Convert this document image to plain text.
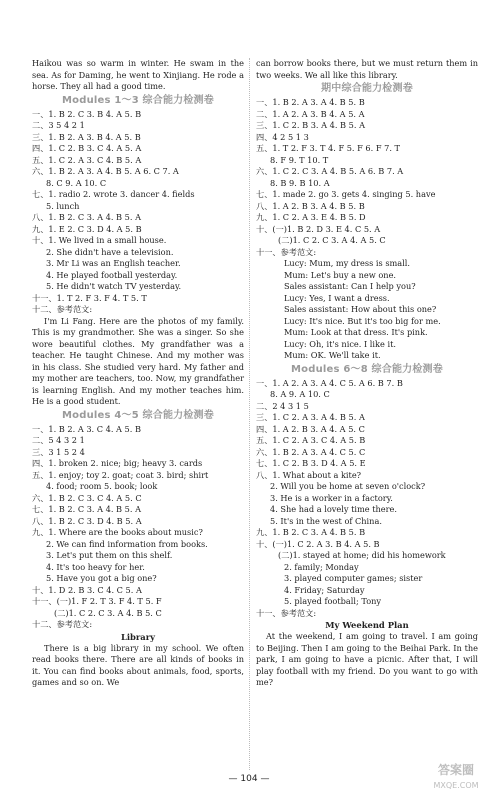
Haikou was so warm in winter. He swam in the sea. As for Daming, he went to Xinjiang. He rode a horse. They all had a good time.

Modules 1～3 综合能力检测卷
一、1. B 2. C 3. B 4. A 5. B
二、3 5 4 2 1
三、1. B 2. A 3. B 4. A 5. B
四、1. C 2. B 3. C 4. A 5. A
五、1. C 2. A 3. C 4. B 5. A
六、1. B 2. A 3. A 4. B 5. A 6. C 7. A
8. C 9. A 10. C
七、1. radio 2. wrote 3. dancer 4. fields
5. lunch
八、1. B 2. C 3. A 4. B 5. A
九、1. E 2. C 3. D 4. A 5. B
十、1. We lived in a small house.
2. She didn't have a television.
3. Mr Li was an English teacher.
4. He played football yesterday.
5. He didn't watch TV yesterday.
十一、1. T 2. F 3. F 4. T 5. T
十二、参考范文:

I'm Li Fang. Here are the photos of my family. This is my grandmother. She was a singer. So she wore beautiful clothes. My grandfather was a teacher. He taught Chinese. And my mother was in his class. She studied very hard. My father and my mother are teachers, too. Now, my grandfather is learning English. And my mother teaches him. He is a good student.

Modules 4～5 综合能力检测卷
一、1. B 2. A 3. C 4. A 5. B
二、5 4 3 2 1
三、3 1 5 2 4
四、1. broken 2. nice; big; heavy 3. cards
五、1. enjoy; toy 2. goat; coat 3. bird; shirt
4. food; room 5. book; look
六、1. B 2. C 3. C 4. A 5. C
七、1. B 2. C 3. A 4. B 5. A
八、1. B 2. C 3. D 4. B 5. A
九、1. Where are the books about music?
2. We can find information from books.
3. Let's put them on this shelf.
4. It's too heavy for her.
5. Have you got a big one?
十、1. D 2. B 3. C 4. C 5. A
十一、(一)1. F 2. T 3. F 4. T 5. F
(二)1. C 2. C 3. A 4. B 5. C
十二、参考范文:
Library

There is a big library in my school. We often read books there. There are all kinds of books in it. You can find books about animals, food, sports, games and so on. We

can borrow books there, but we must return them in two weeks. We all like this library.

期中综合能力检测卷
一、1. B 2. A 3. A 4. B 5. B
二、1. A 2. A 3. B 4. A 5. A
三、1. C 2. B 3. A 4. B 5. A
四、4 2 5 1 3
五、1. T 2. F 3. T 4. F 5. F 6. F 7. T
8. F 9. T 10. T
六、1. C 2. C 3. A 4. B 5. A 6. B 7. A
8. B 9. B 10. A
七、1. made 2. go 3. gets 4. singing 5. have
八、1. A 2. B 3. A 4. B 5. B
九、1. C 2. A 3. E 4. B 5. D
十、(一)1. B 2. D 3. E 4. C 5. A
(二)1. C 2. C 3. A 4. A 5. C
十一、参考范文:
Lucy: Mum, my dress is small.
Mum: Let's buy a new one.
Sales assistant: Can I help you?
Lucy: Yes, I want a dress.
Sales assistant: How about this one?
Lucy: It's nice. But it's too big for me.
Mum: Look at that dress. It's pink.
Lucy: Oh, it's nice. I like it.
Mum: OK. We'll take it.
Modules 6～8 综合能力检测卷
一、1. A 2. A 3. A 4. C 5. A 6. B 7. B
8. A 9. A 10. C
二、2 4 3 1 5
三、1. C 2. A 3. A 4. B 5. A
四、1. A 2. B 3. A 4. A 5. C
五、1. C 2. A 3. C 4. A 5. B
六、1. B 2. A 3. A 4. C 5. C
七、1. C 2. B 3. D 4. A 5. E
八、1. What about a kite?
2. Will you be home at seven o'clock?
3. He is a worker in a factory.
4. She had a lovely time there.
5. It's in the west of China.
九、1. B 2. C 3. A 4. B 5. B
十、(一)1. C 2. A 3. B 4. A 5. B
(二)1. stayed at home; did his homework
2. family; Monday
3. played computer games; sister
4. Friday; Saturday
5. played football; Tony
十一、参考范文:
My Weekend Plan

At the weekend, I am going to travel. I am going to Beijing. Then I am going to the Beihai Park. In the park, I am going to have a picnic. After that, I will play football with my friend. Do you want to go with me?

— 104 —
答案圈
MXQE.COM
